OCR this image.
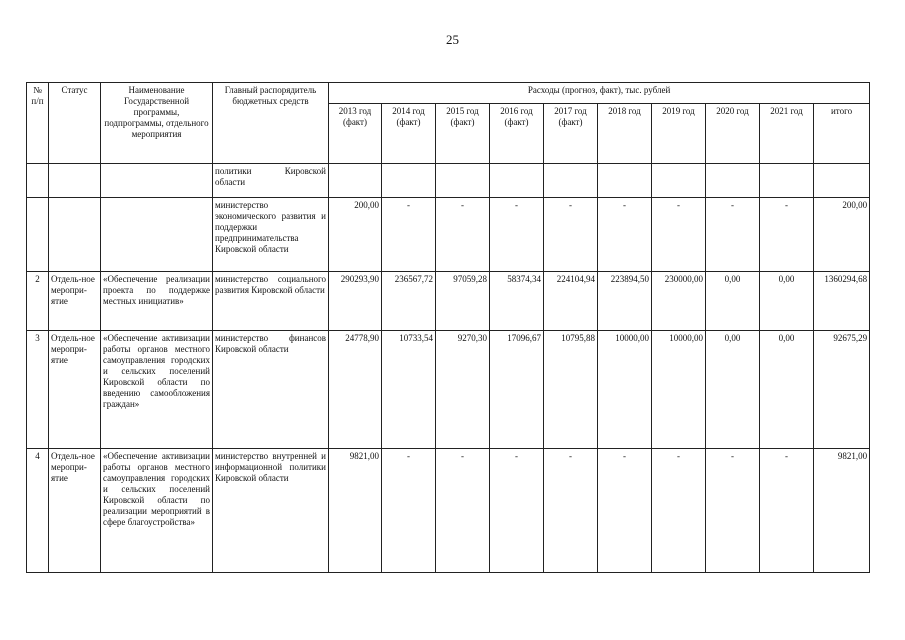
25
№ п/п	Статус	Наименование Государственной программы, подпрограммы, отдельного мероприятия	Главный распорядитель бюджетных средств	Расходы (прогноз, факт), тыс. рублей									
				2013 год (факт)	2014 год (факт)	2015 год (факт)	2016 год (факт)	2017 год (факт)	2018 год	2019 год	2020 год	2021 год	итого
			политики Кировской области										
			министерство экономического развития и поддержки предпринимательства Кировской области	200,00	-	-	-	-	-	-	-	-	200,00
2	Отдель-ное меропри-ятие	«Обеспечение реализации проекта по поддержке местных инициатив»	министерство социального развития Кировской области	290293,90	236567,72	97059,28	58374,34	224104,94	223894,50	230000,00	0,00	0,00	1360294,68
3	Отдель-ное меропри-ятие	«Обеспечение активизации работы органов местного самоуправления городских и сельских поселений Кировской области по введению самообложения граждан»	министерство финансов Кировской области	24778,90	10733,54	9270,30	17096,67	10795,88	10000,00	10000,00	0,00	0,00	92675,29
4	Отдель-ное меропри-ятие	«Обеспечение активизации работы органов местного самоуправления городских и сельских поселений Кировской области по реализации мероприятий в сфере благоустройства»	министерство внутренней и информационной политики Кировской области	9821,00	-	-	-	-	-	-	-	-	9821,00
